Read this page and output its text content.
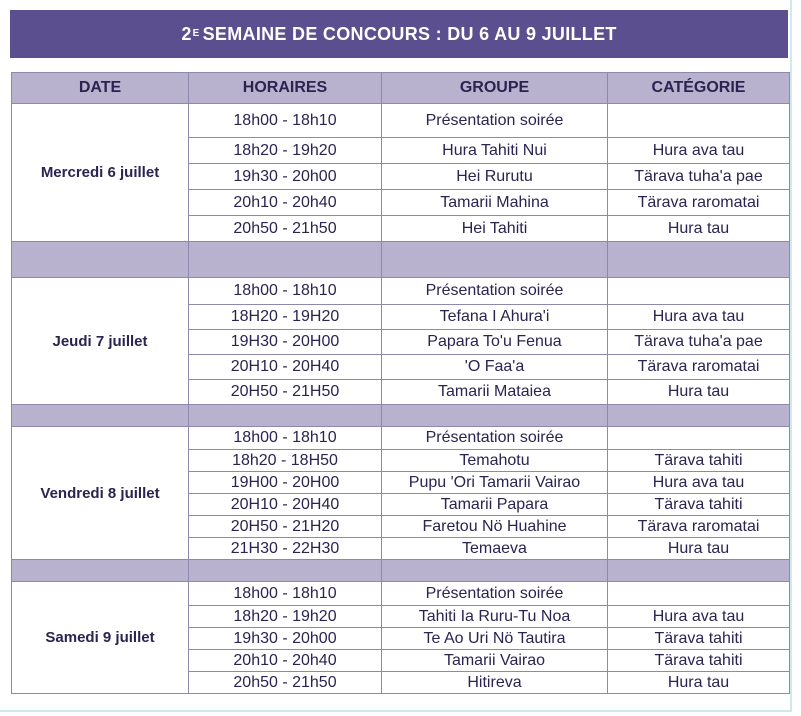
$2^E$ SEMAINE DE CONCOURS : DU 6 AU 9 JUILLET
DATE	HORAIRES	GROUPE	CATÉGORIE
Mercredi 6 juillet	18h00 - 18h10	Présentation soirée	
	18h20 - 19h20	Hura Tahiti Nui	Hura ava tau
	19h30 - 20h00	Hei Rurutu	Tärava tuha'a pae
	20h10 - 20h40	Tamarii Mahina	Tärava raromatai
	20h50 - 21h50	Hei Tahiti	Hura tau

Jeudi 7 juillet	18h00 - 18h10	Présentation soirée	
	18H20 - 19H20	Tefana I Ahura'i	Hura ava tau
	19H30 - 20H00	Papara To'u Fenua	Tärava tuha'a pae
	20H10 - 20H40	'O Faa'a	Tärava raromatai
	20H50 - 21H50	Tamarii Mataiea	Hura tau

Vendredi 8 juillet	18h00 - 18h10	Présentation soirée	
	18h20 - 18H50	Temahotu	Tärava tahiti
	19H00 - 20H00	Pupu 'Ori Tamarii Vairao	Hura ava tau
	20H10 - 20H40	Tamarii Papara	Tärava tahiti
	20H50 - 21H20	Faretou Nö Huahine	Tärava raromatai
	21H30 - 22H30	Temaeva	Hura tau

Samedi 9 juillet	18h00 - 18h10	Présentation soirée	
	18h20 - 19h20	Tahiti Ia Ruru-Tu Noa	Hura ava tau
	19h30 - 20h00	Te Ao Uri Nö Tautira	Tärava tahiti
	20h10 - 20h40	Tamarii Vairao	Tärava tahiti
	20h50 - 21h50	Hitireva	Hura tau
